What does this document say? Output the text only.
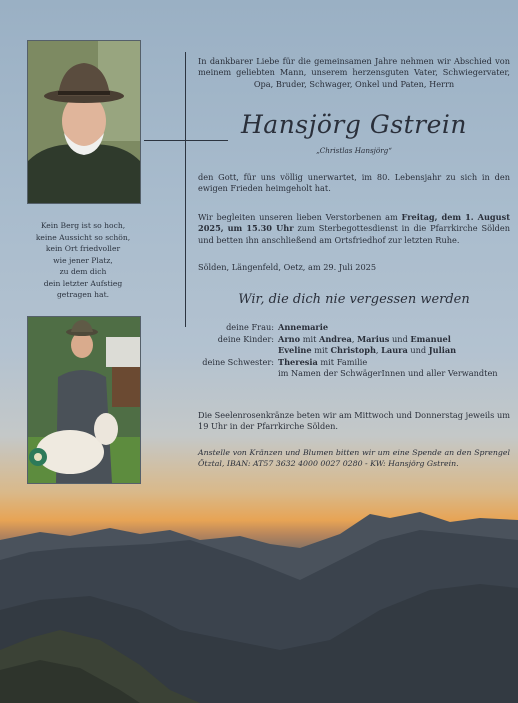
Kein Berg ist so hoch,
keine Aussicht so schön,
kein Ort friedvoller
wie jener Platz,
zu dem dich
dein letzter Aufstieg
getragen hat.
In dankbarer Liebe für die gemeinsamen Jahre nehmen wir Abschied von meinem geliebten Mann, unserem herzensguten Vater, Schwiegervater, Opa, Bruder, Schwager, Onkel und Paten, Herrn
Hansjörg Gstrein
„Christlas Hansjörg“
den Gott, für uns völlig unerwartet, im 80. Lebensjahr zu sich in den ewigen Frieden heimgeholt hat.
Wir begleiten unseren lieben Verstorbenen am Freitag, dem 1. August 2025, um 15.30 Uhr zum Sterbegottesdienst in die Pfarrkirche Sölden und betten ihn anschließend am Ortsfriedhof zur letzten Ruhe.
Sölden, Längenfeld, Oetz, am 29. Juli 2025
Wir, die dich nie vergessen werden
deine Frau: Annemarie
deine Kinder: Arno mit Andrea, Marius und Emanuel
Eveline mit Christoph, Laura und Julian
deine Schwester: Theresia mit Familie
im Namen der SchwägerInnen und aller Verwandten
Die Seelenrosenkränze beten wir am Mittwoch und Donnerstag jeweils um 19 Uhr in der Pfarrkirche Sölden.
Anstelle von Kränzen und Blumen bitten wir um eine Spende an den Sprengel Ötztal, IBAN: AT57 3632 4000 0027 0280 - KW: Hansjörg Gstrein.
